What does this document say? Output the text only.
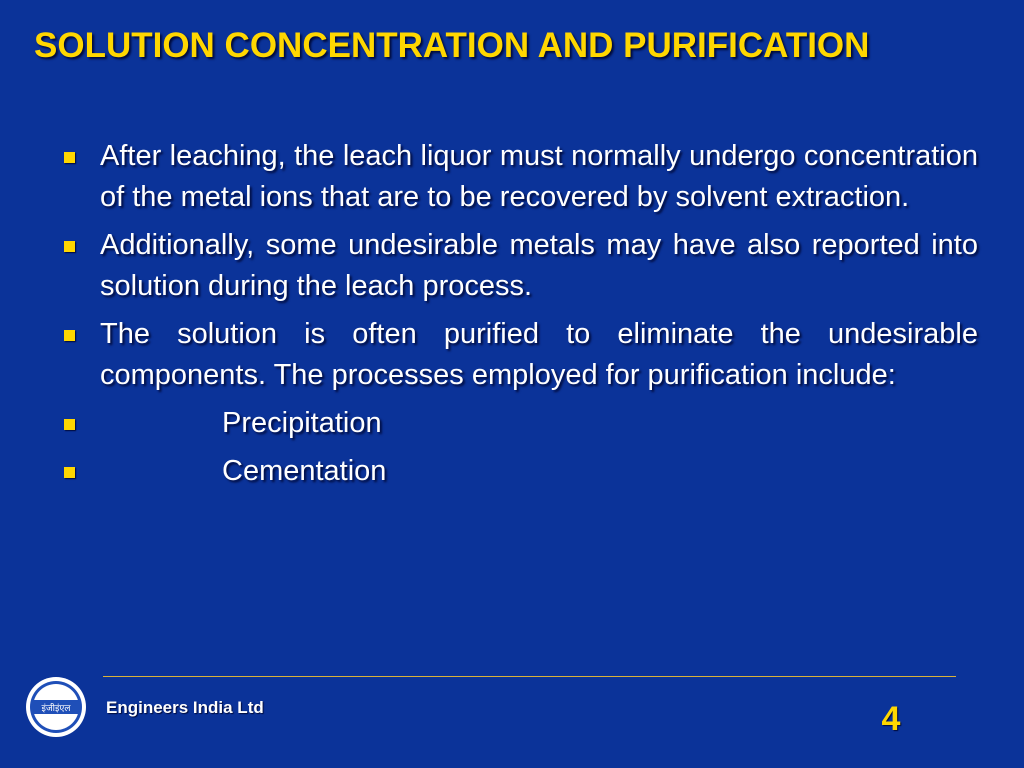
SOLUTION CONCENTRATION AND PURIFICATION
After leaching, the leach liquor must normally undergo concentration of the metal ions that are to be recovered by solvent extraction.
Additionally, some undesirable metals may have also reported into solution during the leach process.
The solution is often purified to eliminate the undesirable components. The processes employed for purification include:
Precipitation
Cementation
इंजीइंएल Engineers India Ltd	4
